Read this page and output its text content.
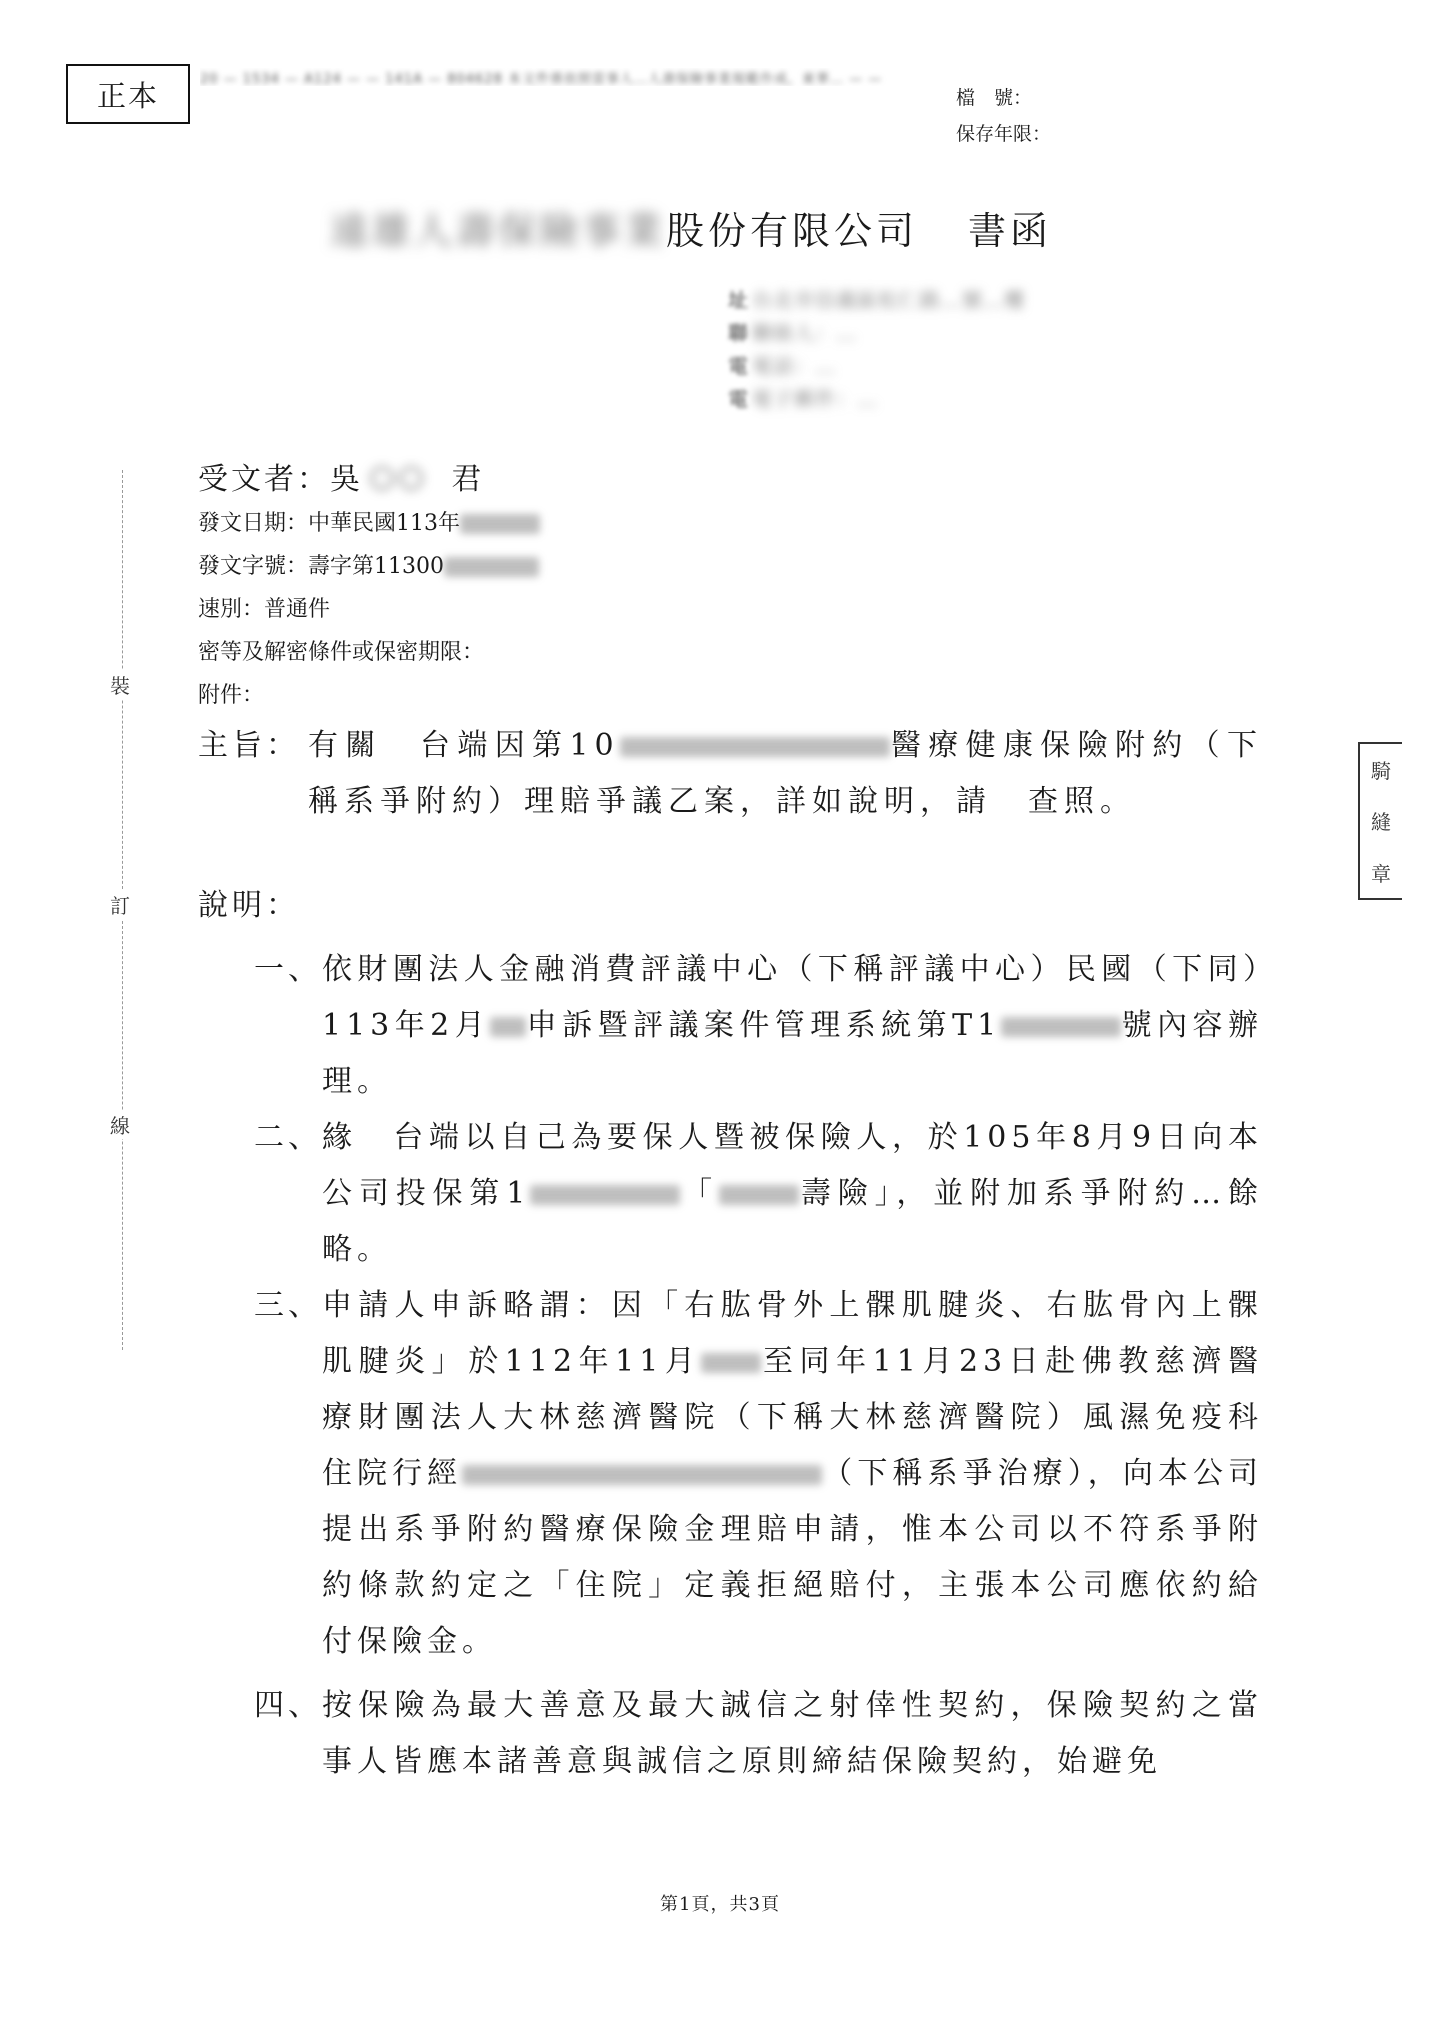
20 — 1534 — A124 — — 141A — 804628 本文件係依照當事人…人壽保險事業規範作成，東華… — —
正本	檔　號：
保存年限：
遠雄人壽保險事業 股份有限公司 書函
址 台北市信義區松仁路…號…樓
聯 聯絡人：…
電 電話：…
電 電子郵件：…
裝
訂
線
受文者： 吳 ○○ 君
發文日期： 中華民國113年
發文字號： 壽字第11300
速別： 普通件
密等及解密條件或保密期限：
附件：
主旨： 有關　台端因第10	醫療健康保險附約（下稱系爭附約）理賠爭議乙案，詳如說明，請　查照。
說明：
一、 依財團法人金融消費評議中心（下稱評議中心）民國（下同）113年2月 申訴暨評議案件管理系統第T1	號內容辦理。
二、 緣　台端以自己為要保人暨被保險人，於105年8月9日向本公司投保第1	「	壽險」，並附加系爭附約…餘略。
三、 申請人申訴略謂：因「右肱骨外上髁肌腱炎、右肱骨內上髁肌腱炎」於112年11月 至同年11月23日赴佛教慈濟醫療財團法人大林慈濟醫院（下稱大林慈濟醫院）風濕免疫科住院行經	（下稱系爭治療），向本公司提出系爭附約醫療保險金理賠申請，惟本公司以不符系爭附約條款約定之「住院」定義拒絕賠付，主張本公司應依約給付保險金。
四、 按保險為最大善意及最大誠信之射倖性契約，保險契約之當事人皆應本諸善意與誠信之原則締結保險契約，始避免
騎
縫
章
第1頁，共3頁
